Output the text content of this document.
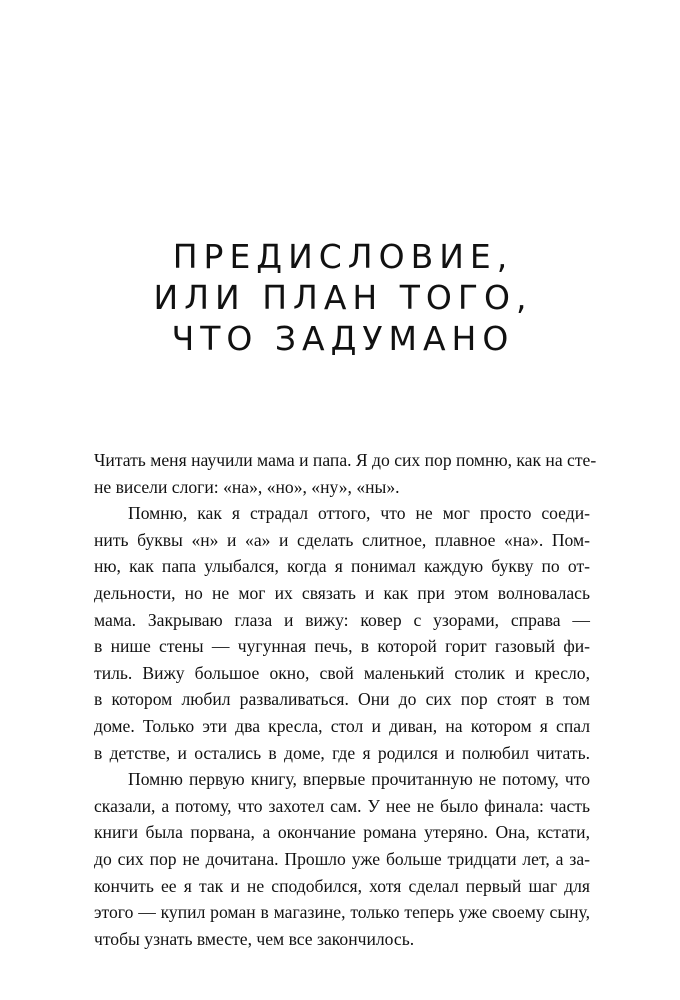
ПРЕДИСЛОВИЕ,
ИЛИ ПЛАН ТОГО,
ЧТО ЗАДУМАНО
Читать меня научили мама и папа. Я до сих пор помню, как на сте-
не висели слоги: «на», «но», «ну», «ны».
Помню, как я страдал оттого, что не мог просто соеди-
нить буквы «н» и «а» и сделать слитное, плавное «на». Пом-
ню, как папа улыбался, когда я понимал каждую букву по от-
дельности, но не мог их связать и как при этом волновалась
мама. Закрываю глаза и вижу: ковер с узорами, справа —
в нише стены — чугунная печь, в которой горит газовый фи-
тиль. Вижу большое окно, свой маленький столик и кресло,
в котором любил разваливаться. Они до сих пор стоят в том
доме. Только эти два кресла, стол и диван, на котором я спал
в детстве, и остались в доме, где я родился и полюбил читать.
Помню первую книгу, впервые прочитанную не потому, что
сказали, а потому, что захотел сам. У нее не было финала: часть
книги была порвана, а окончание романа утеряно. Она, кстати,
до сих пор не дочитана. Прошло уже больше тридцати лет, а за-
кончить ее я так и не сподобился, хотя сделал первый шаг для
этого — купил роман в магазине, только теперь уже своему сыну,
чтобы узнать вместе, чем все закончилось.
